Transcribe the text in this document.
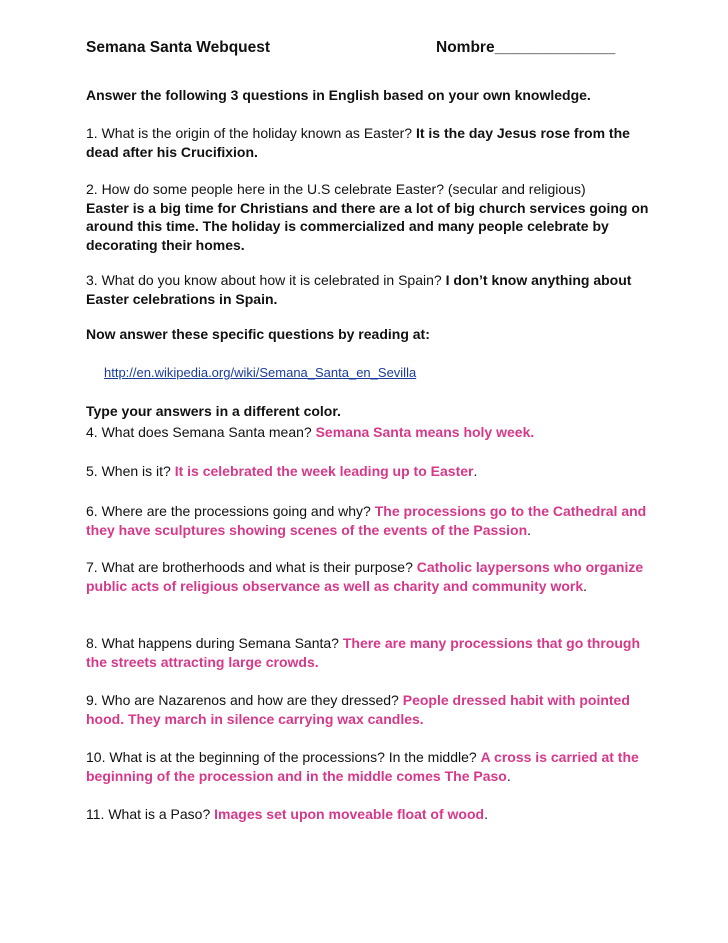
Semana Santa Webquest	Nombre______________
Answer the following 3 questions in English based on your own knowledge.
1. What is the origin of the holiday known as Easter? It is the day Jesus rose from the dead after his Crucifixion.
2. How do some people here in the U.S celebrate Easter? (secular and religious)
Easter is a big time for Christians and there are a lot of big church services going on around this time. The holiday is commercialized and many people celebrate by decorating their homes.
3. What do you know about how it is celebrated in Spain? I don’t know anything about Easter celebrations in Spain.
Now answer these specific questions by reading at:
http://en.wikipedia.org/wiki/Semana_Santa_en_Sevilla
Type your answers in a different color.
4. What does Semana Santa mean? Semana Santa means holy week.
5. When is it? It is celebrated the week leading up to Easter.
6. Where are the processions going and why? The processions go to the Cathedral and they have sculptures showing scenes of the events of the Passion.
7. What are brotherhoods and what is their purpose? Catholic laypersons who organize public acts of religious observance as well as charity and community work.
8. What happens during Semana Santa? There are many processions that go through the streets attracting large crowds.
9. Who are Nazarenos and how are they dressed? People dressed habit with pointed hood. They march in silence carrying wax candles.
10. What is at the beginning of the processions? In the middle? A cross is carried at the beginning of the procession and in the middle comes The Paso.
11. What is a Paso? Images set upon moveable float of wood.
